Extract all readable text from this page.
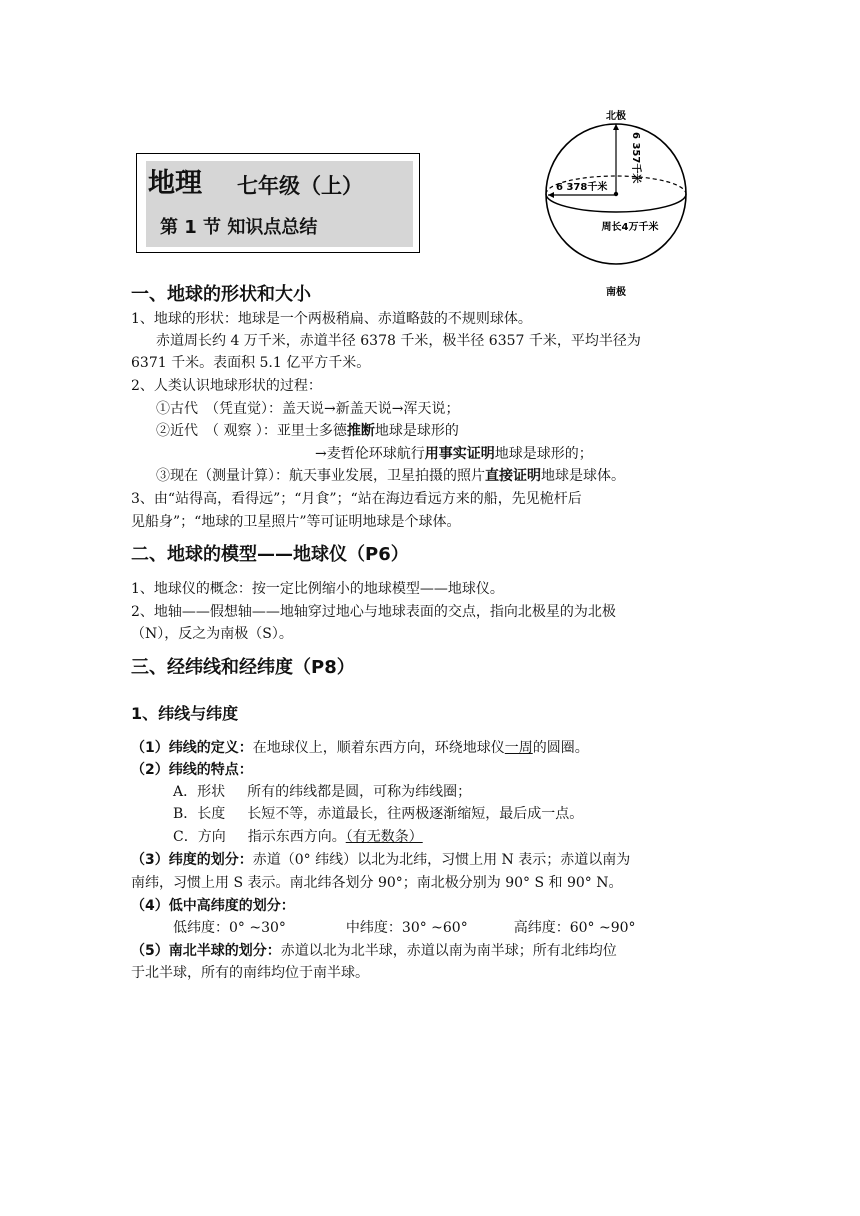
地理 七年级（上）
第 1 节 知识点总结
北极
南极
6 357千米
6 378千米
周长4万千米
一、地球的形状和大小
1、地球的形状：地球是一个两极稍扁、赤道略鼓的不规则球体。
赤道周长约 4 万千米，赤道半径 6378 千米，极半径 6357 千米，平均半径为
6371 千米。表面积 5.1 亿平方千米。
2、人类认识地球形状的过程：
①古代　（凭直觉）：盖天说→新盖天说→浑天说；
②近代　（ 观察 ）：亚里士多德推断地球是球形的
→麦哲伦环球航行用事实证明地球是球形的；
③现在（测量计算）：航天事业发展，卫星拍摄的照片直接证明地球是球体。
3、由“站得高，看得远”；“月食”；“站在海边看远方来的船，先见桅杆后
见船身”；“地球的卫星照片”等可证明地球是个球体。
二、地球的模型——地球仪（P6）
1、地球仪的概念：按一定比例缩小的地球模型——地球仪。
2、地轴——假想轴——地轴穿过地心与地球表面的交点，指向北极星的为北极
（N），反之为南极（S）。
三、经纬线和经纬度（P8）
1、纬线与纬度
（1）纬线的定义：在地球仪上，顺着东西方向，环绕地球仪一周的圆圈。
（2）纬线的特点：
A．形状 所有的纬线都是圆，可称为纬线圈；
B．长度 长短不等，赤道最长，往两极逐渐缩短，最后成一点。
C．方向 指示东西方向。（有无数条）
（3）纬度的划分：赤道（0° 纬线）以北为北纬，习惯上用 N 表示；赤道以南为
南纬，习惯上用 S 表示。南北纬各划分 90°；南北极分别为 90° S 和 90° N。
（4）低中高纬度的划分：
低纬度：0° ~30°	中纬度：30° ~60°	高纬度：60° ~90°
（5）南北半球的划分：赤道以北为北半球，赤道以南为南半球；所有北纬均位
于北半球，所有的南纬均位于南半球。
